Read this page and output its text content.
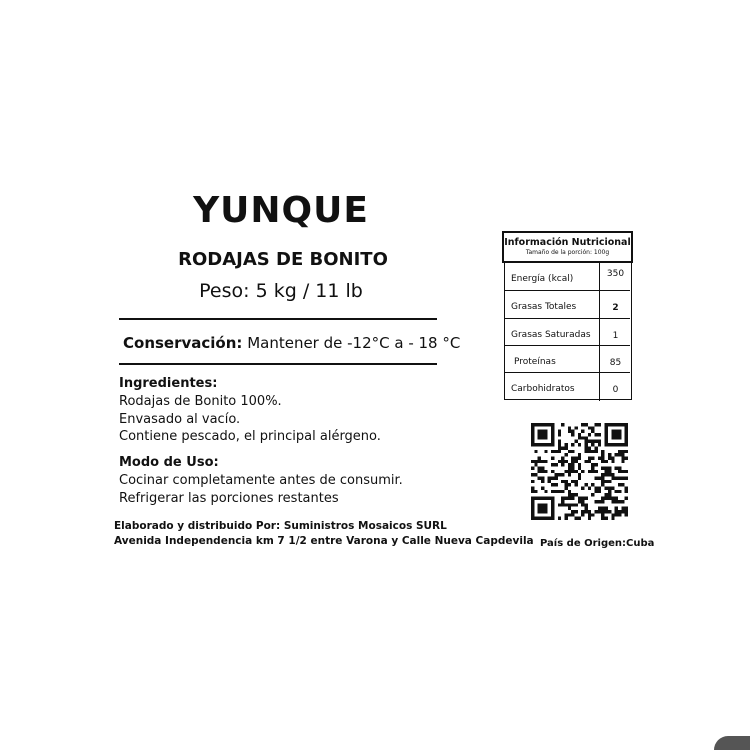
YUNQUE
RODAJAS DE BONITO
Peso: 5 kg / 11 lb
Conservación: Mantener de -12°C a - 18 °C
Ingredientes:
Rodajas de Bonito 100%.
Envasado al vacío.
Contiene pescado, el principal alérgeno.
Modo de Uso:
Cocinar completamente antes de consumir.
Refrigerar las porciones restantes
Elaborado y distribuido Por: Suministros Mosaicos SURL
Avenida Independencia km 7 1/2 entre Varona y Calle Nueva Capdevila
Información Nutricional
Tamaño de la porción: 100g
Energía (kcal)	350
Grasas Totales	2
Grasas Saturadas	1
Proteínas	85
Carbohidratos	0
País de Origen:Cuba
